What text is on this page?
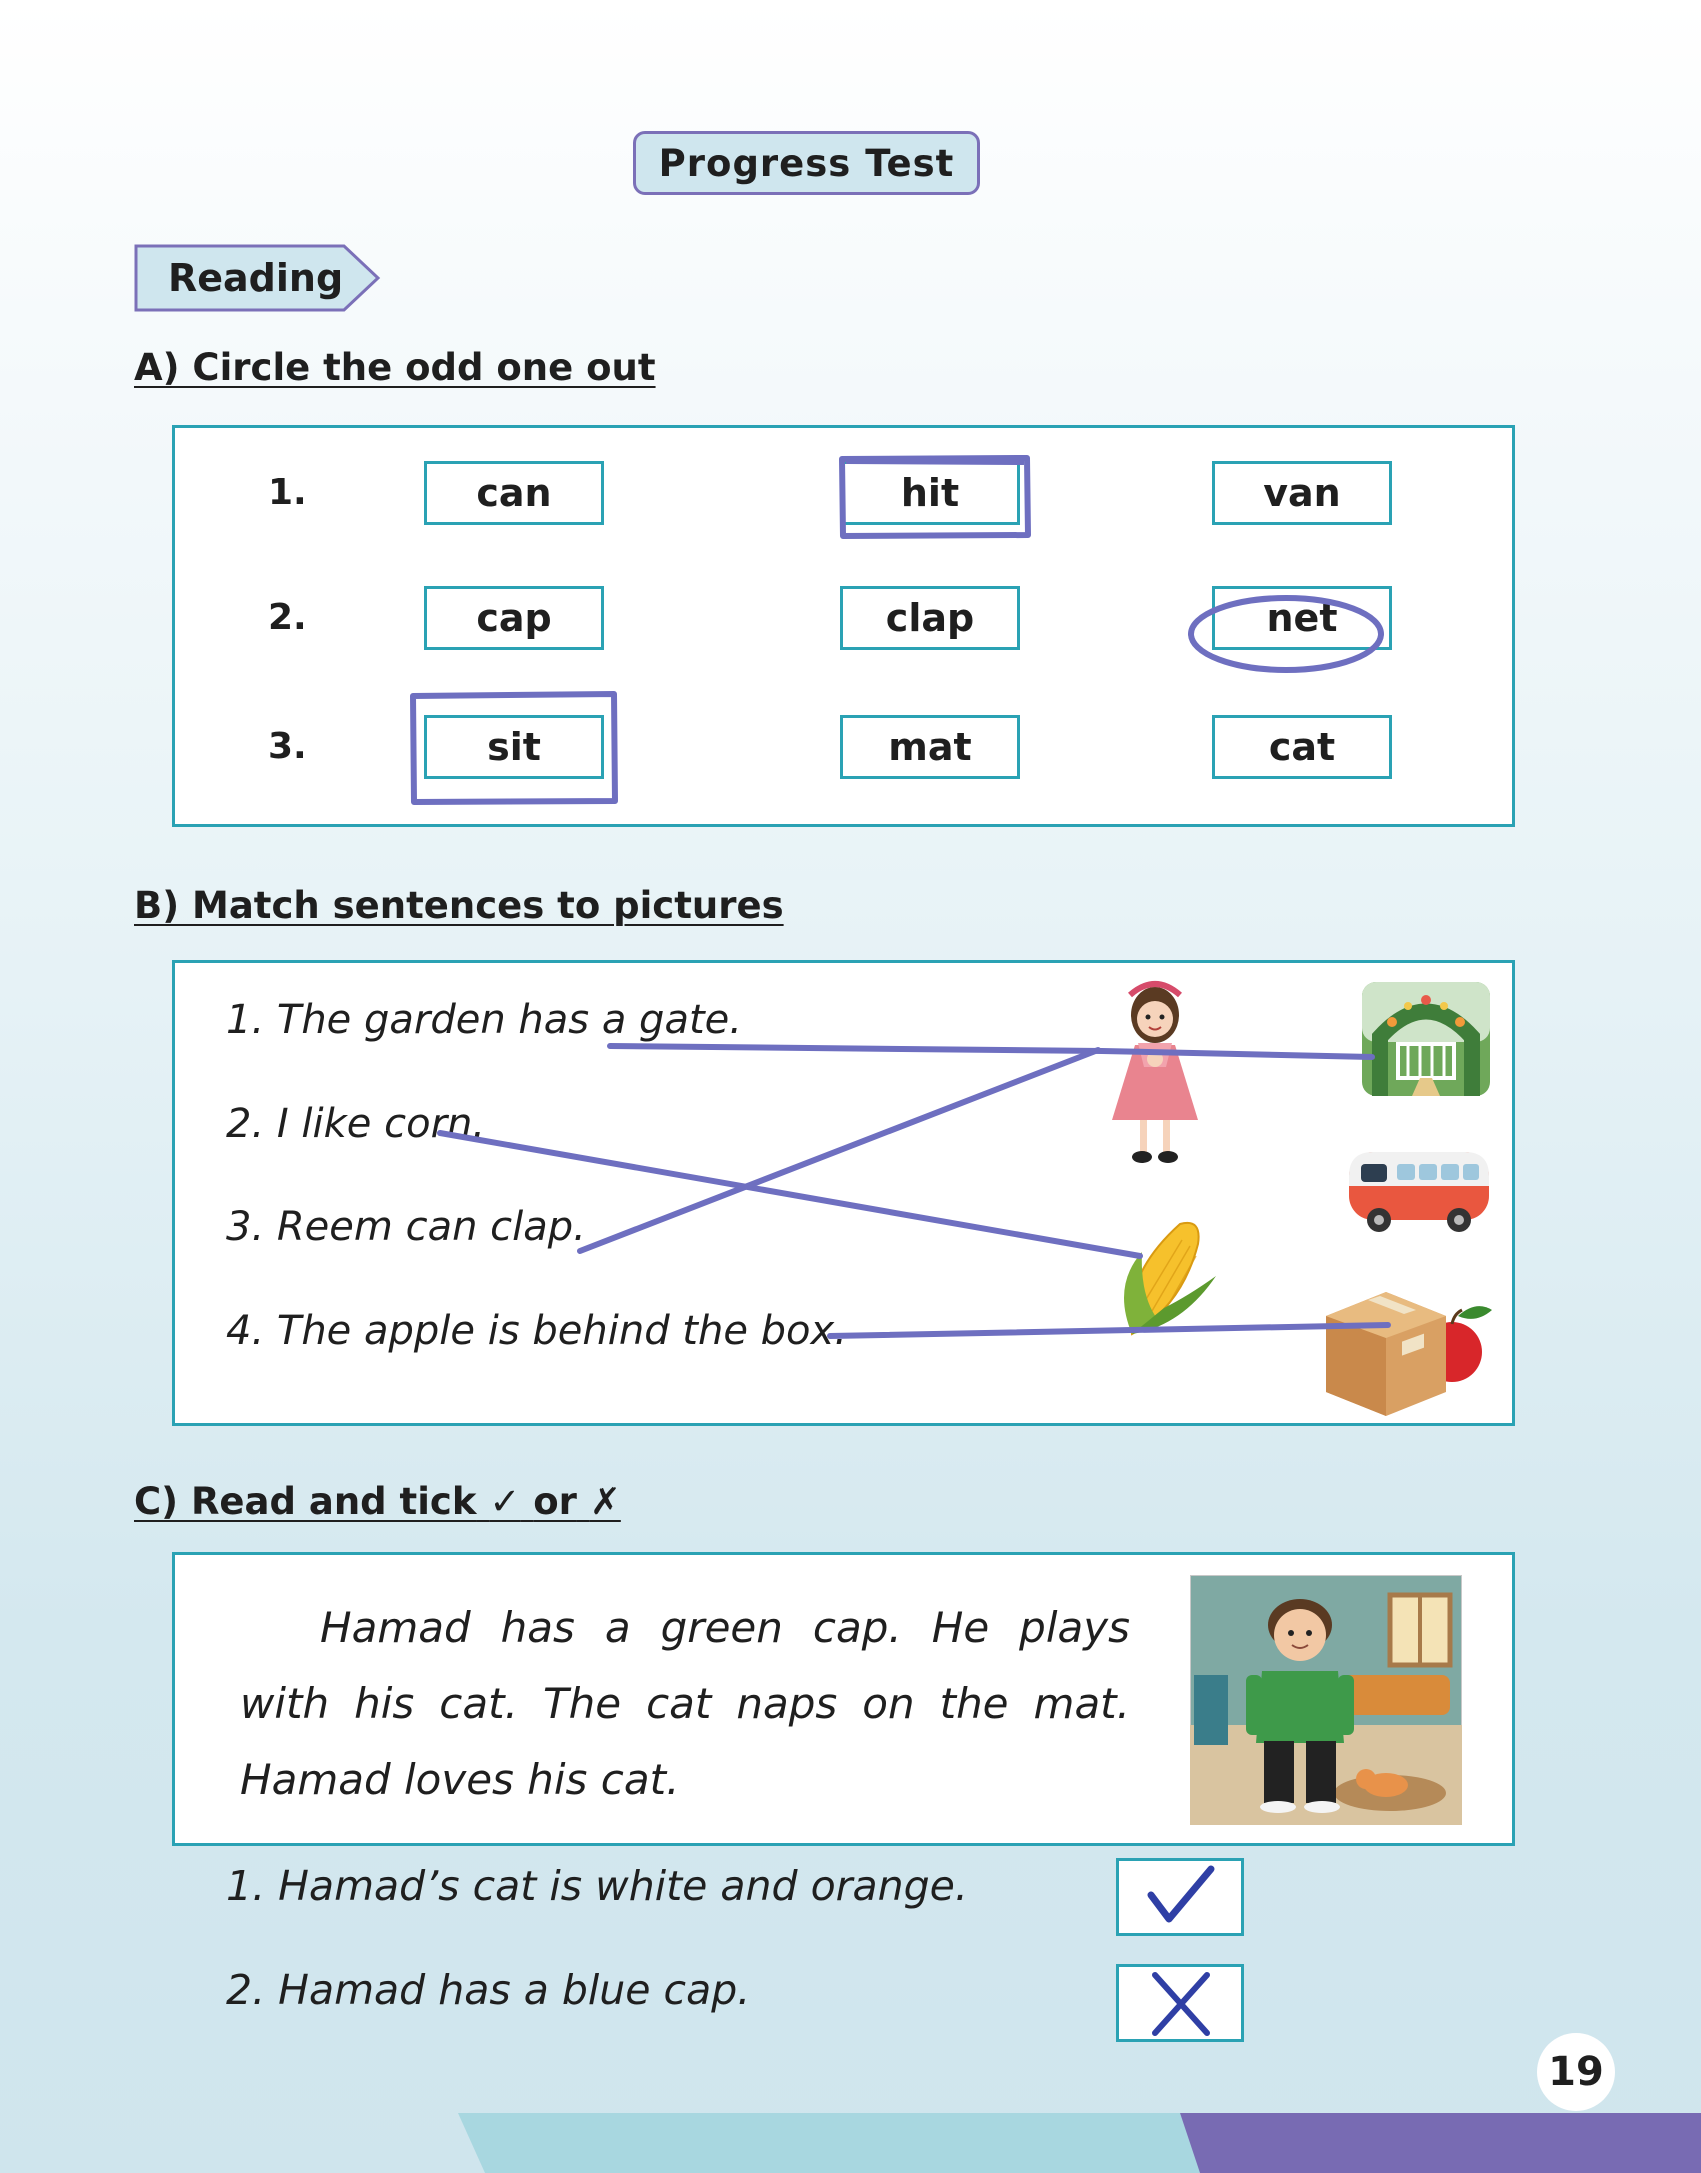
Progress Test
Reading
A) Circle the odd one out
1.	can	hit	van
2.	cap	clap	net
3.	sit	mat	cat
B) Match sentences to pictures
1. The garden has a gate.
2. I like corn.
3. Reem can clap.
4. The apple is behind the box.
C) Read and tick ✓ or ✗
Hamad has a green cap. He plays with his cat. The cat naps on the mat. Hamad loves his cat.
1. Hamad’s cat is white and orange.
2. Hamad has a blue cap.
19
